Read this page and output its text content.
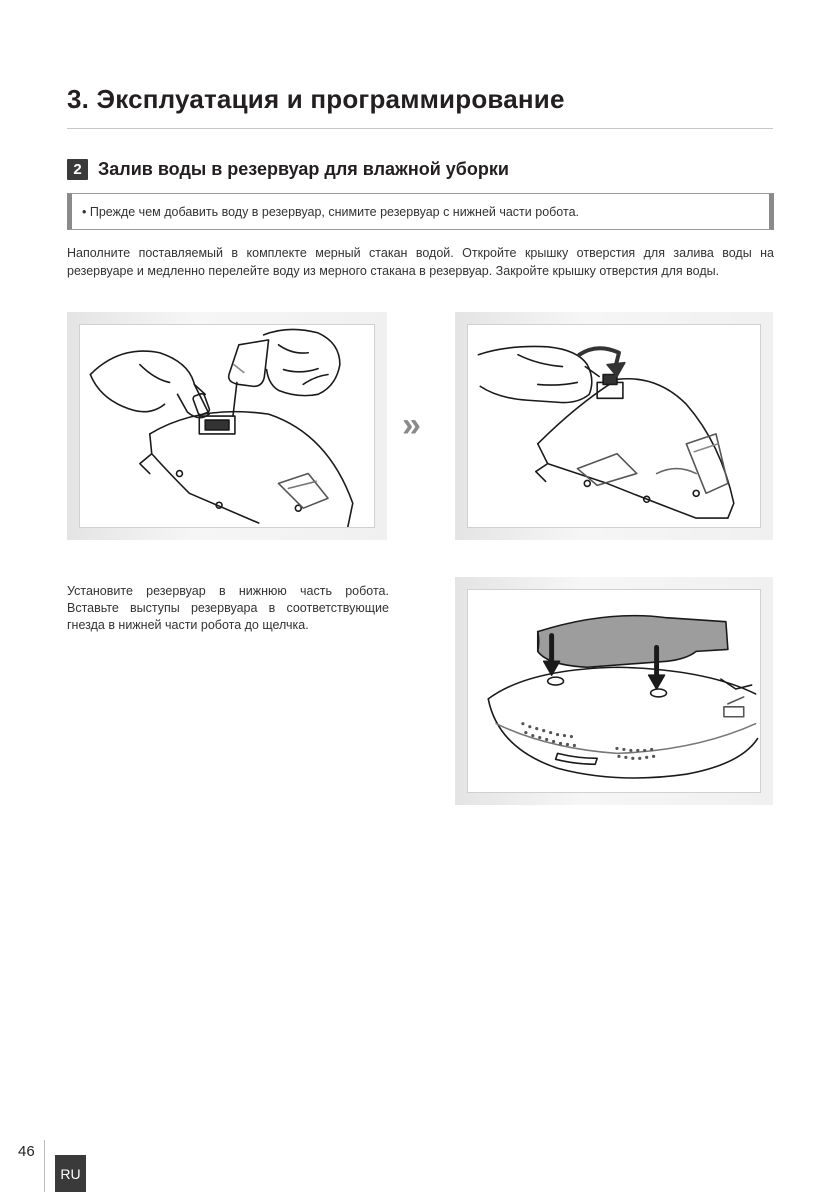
3. Эксплуатация и программирование
2 Залив воды в резервуар для влажной уборки
• Прежде чем добавить воду в резервуар, снимите резервуар с нижней части робота.

Наполните поставляемый в комплекте мерный стакан водой. Откройте крышку отверстия для залива воды на резервуаре и медленно перелейте воду из мерного стакана в резервуар. Закройте крышку отверстия для воды.

»

Установите резервуар в нижнюю часть робота. Вставьте выступы резервуара в соответствующие гнезда в нижней части робота до щелчка.

46
RU
